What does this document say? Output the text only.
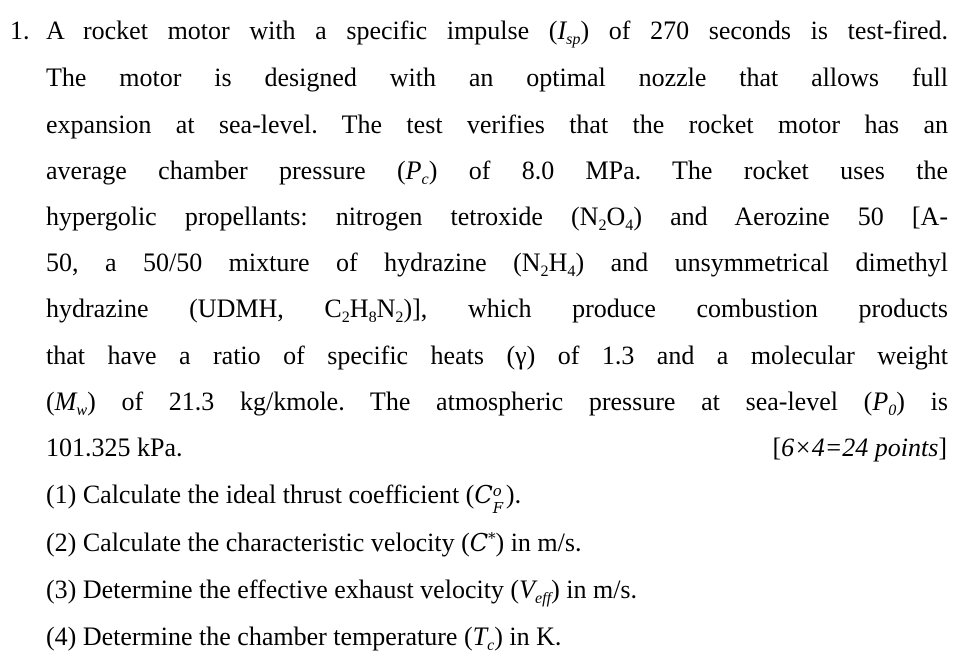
1. A rocket motor with a specific impulse $(I_{sp})$ of 270 seconds is test-fired.
The motor is designed with an optimal nozzle that allows full
expansion at sea-level. The test verifies that the rocket motor has an
average chamber pressure $(P_c)$ of 8.0 MPa. The rocket uses the
hypergolic propellants: nitrogen tetroxide $(N_2O_4)$ and Aerozine 50 [A-
50, a 50/50 mixture of hydrazine $(N_2H_4)$ and unsymmetrical dimethyl
hydrazine (UDMH, $C_2H_8N_2$)], which produce combustion products
that have a ratio of specific heats (γ) of 1.3 and a molecular weight
$(M_w)$ of 21.3 kg/kmole. The atmospheric pressure at sea-level $(P_0)$ is
101.325 kPa.	[6×4=24 points]
(1) Calculate the ideal thrust coefficient (C o
F ).
(2) Calculate the characteristic velocity (C*) in m/s.
(3) Determine the effective exhaust velocity $(V_{eff})$ in m/s.
(4) Determine the chamber temperature $(T_c)$ in K.
